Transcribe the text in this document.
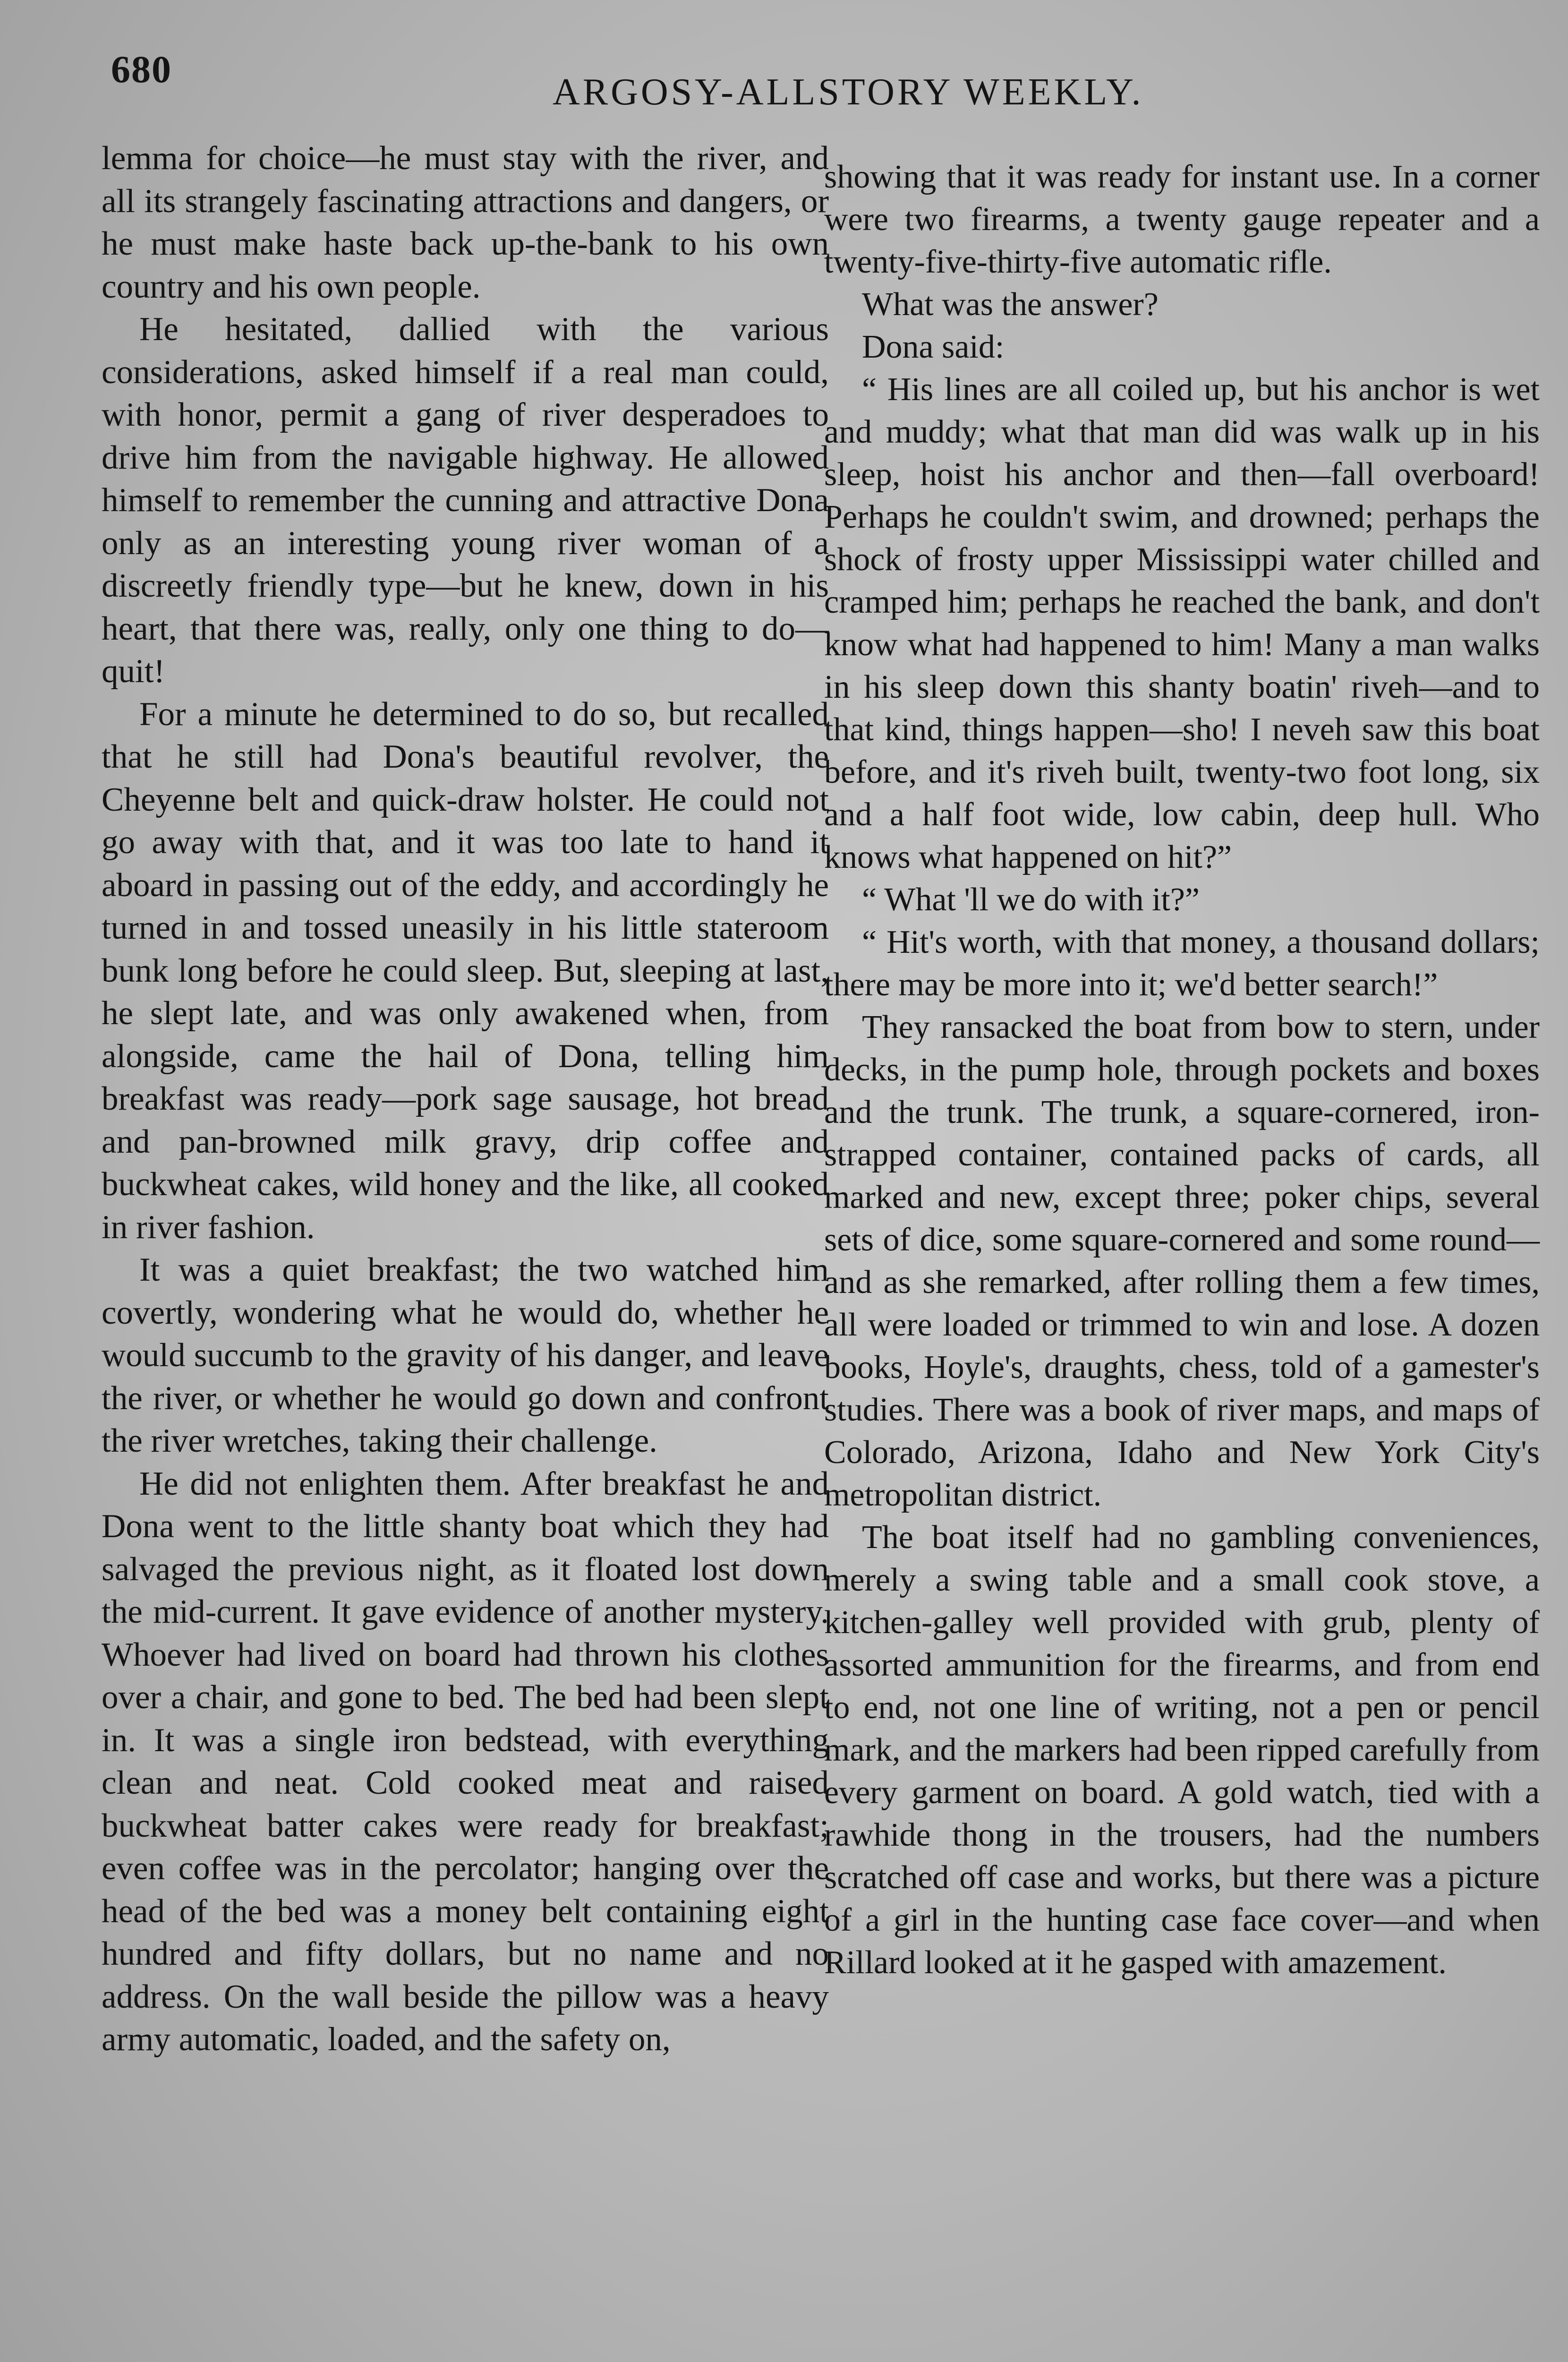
680
ARGOSY-ALLSTORY WEEKLY.

lemma for choice—he must stay with the river, and all its strangely fascinating attractions and dangers, or he must make haste back up-the-bank to his own country and his own people.

He hesitated, dallied with the various considerations, asked himself if a real man could, with honor, permit a gang of river desperadoes to drive him from the navigable highway. He allowed himself to remember the cunning and attractive Dona only as an interesting young river woman of a discreetly friendly type—but he knew, down in his heart, that there was, really, only one thing to do—quit!

For a minute he determined to do so, but recalled that he still had Dona's beautiful revolver, the Cheyenne belt and quick-draw holster. He could not go away with that, and it was too late to hand it aboard in passing out of the eddy, and accordingly he turned in and tossed uneasily in his little stateroom bunk long before he could sleep. But, sleeping at last, he slept late, and was only awakened when, from alongside, came the hail of Dona, telling him breakfast was ready—pork sage sausage, hot bread and pan-browned milk gravy, drip coffee and buckwheat cakes, wild honey and the like, all cooked in river fashion.

It was a quiet breakfast; the two watched him covertly, wondering what he would do, whether he would succumb to the gravity of his danger, and leave the river, or whether he would go down and confront the river wretches, taking their challenge.

He did not enlighten them. After breakfast he and Dona went to the little shanty boat which they had salvaged the previous night, as it floated lost down the mid-current. It gave evidence of another mystery. Whoever had lived on board had thrown his clothes over a chair, and gone to bed. The bed had been slept in. It was a single iron bedstead, with everything clean and neat. Cold cooked meat and raised buckwheat batter cakes were ready for breakfast; even coffee was in the percolator; hanging over the head of the bed was a money belt containing eight hundred and fifty dollars, but no name and no address. On the wall beside the pillow was a heavy army automatic, loaded, and the safety on,

showing that it was ready for instant use. In a corner were two firearms, a twenty gauge repeater and a twenty-five-thirty-five automatic rifle.

What was the answer?

Dona said:

“ His lines are all coiled up, but his anchor is wet and muddy; what that man did was walk up in his sleep, hoist his anchor and then—fall overboard! Perhaps he couldn't swim, and drowned; perhaps the shock of frosty upper Mississippi water chilled and cramped him; perhaps he reached the bank, and don't know what had happened to him! Many a man walks in his sleep down this shanty boatin' riveh—and to that kind, things happen—sho! I neveh saw this boat before, and it's riveh built, twenty-two foot long, six and a half foot wide, low cabin, deep hull. Who knows what happened on hit?”

“ What 'll we do with it?”

“ Hit's worth, with that money, a thousand dollars; there may be more into it; we'd better search!”

They ransacked the boat from bow to stern, under decks, in the pump hole, through pockets and boxes and the trunk. The trunk, a square-cornered, iron-strapped container, contained packs of cards, all marked and new, except three; poker chips, several sets of dice, some square-cornered and some round—and as she remarked, after rolling them a few times, all were loaded or trimmed to win and lose. A dozen books, Hoyle's, draughts, chess, told of a gamester's studies. There was a book of river maps, and maps of Colorado, Arizona, Idaho and New York City's metropolitan district.

The boat itself had no gambling conveniences, merely a swing table and a small cook stove, a kitchen-galley well provided with grub, plenty of assorted ammunition for the firearms, and from end to end, not one line of writing, not a pen or pencil mark, and the markers had been ripped carefully from every garment on board. A gold watch, tied with a rawhide thong in the trousers, had the numbers scratched off case and works, but there was a picture of a girl in the hunting case face cover—and when Rillard looked at it he gasped with amazement.
